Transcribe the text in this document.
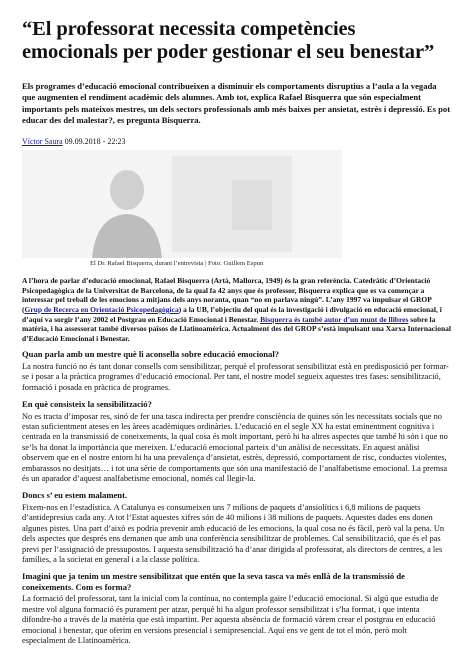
“El professorat necessita competències emocionals per poder gestionar el seu benestar”

Els programes d’educació emocional contribueixen a disminuir els comportaments disruptius a l’aula a la vegada que augmenten el rendiment acadèmic dels alumnes. Amb tot, explica Rafael Bisquerra que són especialment importants pels mateixos mestres, un dels sectors professionals amb més baixes per ansietat, estrès i depressió. Es pot educar des del malestar?, es pregunta Bisquerra.

Víctor Saura 09.09.2018 - 22:23
El Dr. Rafael Bisquerra, durant l’entrevista | Foto: Guillem Espun

A l’hora de parlar d’educació emocional, Rafael Bisquerra (Artà, Mallorca, 1949) és la gran referència. Catedràtic d’Orientació Psicopedagògica de la Universitat de Barcelona, de la qual fa 42 anys que és professor, Bisquerra explica que es va començar a interessar pel treball de les emocions a mitjans dels anys noranta, quan “no en parlava ningú”. L’any 1997 va impulsar el GROP (Grup de Recerca en Orientació Psicopedagògica) a la UB, l’objectiu del qual és la investigació i divulgació en educació emocional, i d’aquí va sorgir l’any 2002 el Postgrau en Educació Emocional i Benestar. Bisquerra és també autor d’un munt de llibres sobre la matèria, i ha assessorat també diversos països de Llatinoamèrica. Actualment des del GROP s’està impulsant una Xarxa Internacional d’Educació Emocional i Benestar.

Quan parla amb un mestre què li aconsella sobre educació emocional?

La nostra funció no és tant donar consells com sensibilitzar, perquè el professorat sensibilitzat està en predisposició per formar-se i posar a la pràctica programes d’educació emocional. Per tant, el nostre model segueix aquestes tres fases: sensibilització, formació i posada en pràctica de programes.

En què consisteix la sensibilització?

No es tracta d’imposar res, sinó de fer una tasca indirecta per prendre consciència de quines són les necessitats socials que no estan suficientment ateses en les àrees acadèmiques ordinàries. L’educació en el segle XX ha estat eminentment cognitiva i centrada en la transmissió de coneixements, la qual cosa és molt important, però hi ha altres aspectes que també hi són i que no se’ls ha donat la importància que mereixen. L’educació emocional parteix d’un anàlisi de necessitats. En aquest anàlisi observem que en el nostre entorn hi ha una prevalença d’ansietat, estrès, depressió, comportament de risc, conductes violentes, embarassos no desitjats… i tot una sèrie de comportaments que són una manifestació de l’analfabetisme emocional. La premsa és un aparador d’aquest analfabetisme emocional, només cal llegir-la.

Doncs s’ eu estem malament.

Fixem-nos en l’estadística. A Catalunya es consumeixen uns 7 milions de paquets d’ansiolítics i 6,8 milions de paquets d’antidepresius cada any. A tot l’Estat aquestes xifres són de 40 milions i 38 milions de paquets. Aquestes dades ens donen algunes pistes. Una part d’això es podria prevenir amb educació de les emocions, la qual cosa no és fàcil, però val la pena. Un dels aspectes que després ens demanen que amb una conferència sensibilitzar de problemes. Cal sensibilització, que és el pas previ per l’assignació de pressupostos. I aquesta sensibilització ha d’anar dirigida al professorat, als directors de centres, a les famílies, a la societat en general i a la classe política.

Imagini que ja tenim un mestre sensibilitzat que entén que la seva tasca va més enllà de la transmissió de coneixements. Com es forma?

La formació del professorat, tant la inicial com la contínua, no contempla gaire l’educació emocional. Si algú que estudia de mestre vol alguna formació és purament per atzar, perquè hi ha algun professor sensibilitzat i s’ha format, i que intenta difondre-ho a través de la matèria que està impartint. Per aquesta absència de formació vàrem crear el postgrau en educació emocional i benestar, que oferim en versions presencial i semipresencial. Aquí ens ve gent de tot el món, però molt especialment de Llatinoamèrica.
